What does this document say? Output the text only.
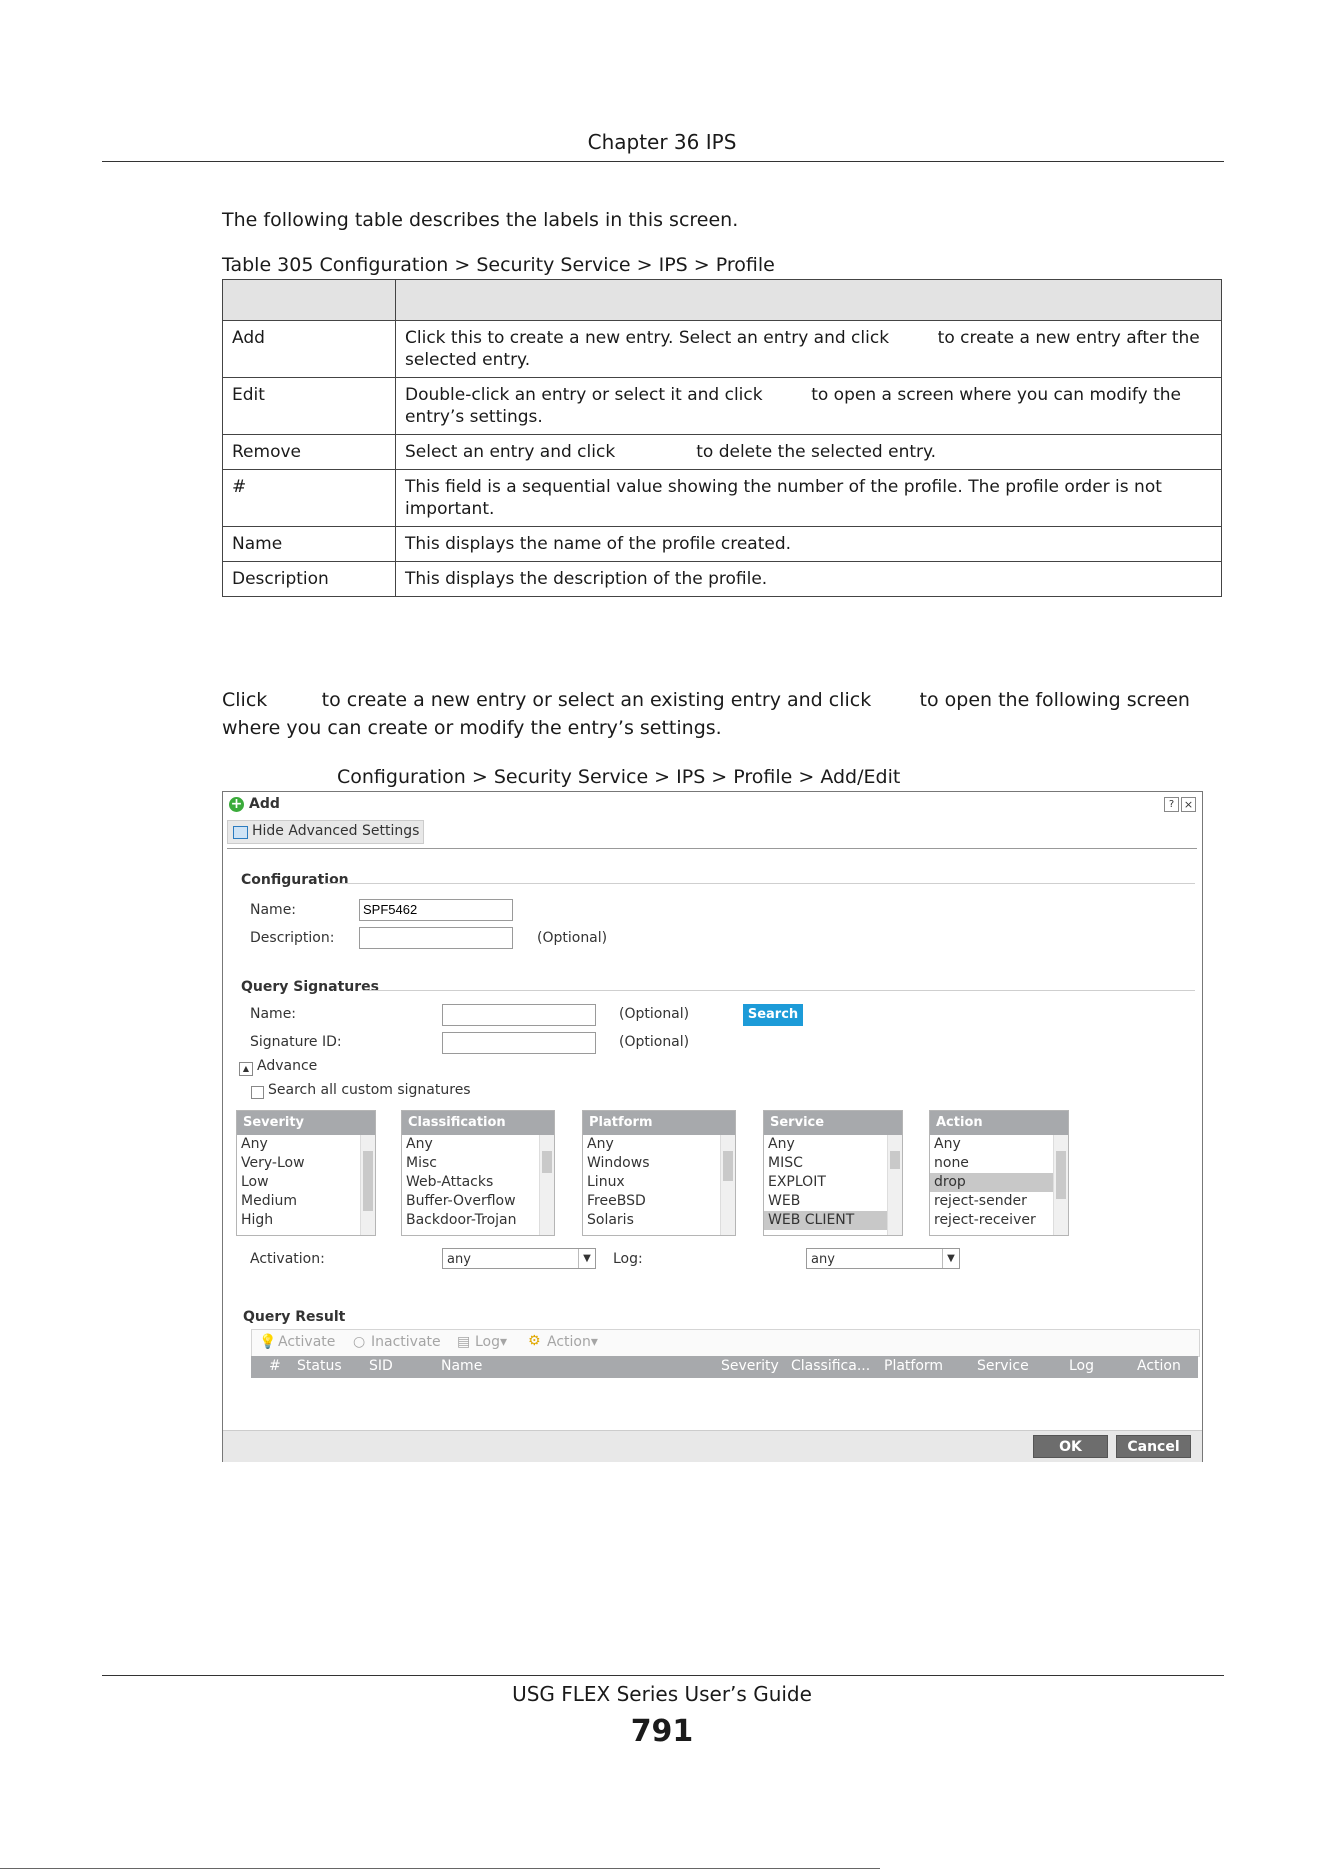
Chapter 36 IPS
The following table describes the labels in this screen.
Table 305 Configuration > Security Service > IPS > Profile

Add	Click this to create a new entry. Select an entry and click         to create a new entry after the selected entry.
Edit	Double-click an entry or select it and click         to open a screen where you can modify the entry’s settings.
Remove	Select an entry and click               to delete the selected entry.
#	This field is a sequential value showing the number of the profile. The profile order is not important.
Name	This displays the name of the profile created.
Description	This displays the description of the profile.
Click         to create a new entry or select an existing entry and click        to open the following screen where you can create or modify the entry’s settings.
Configuration > Security Service > IPS > Profile > Add/Edit
+ Add	? ×
Hide Advanced Settings
Configuration
Name:
SPF5462
Description:	(Optional)
Query Signatures
Name:	(Optional)	Search
Signature ID:	(Optional)
▲ Advance
Search all custom signatures
Severity
Any
Very-Low
Low
Medium
High
Classification
Any
Misc
Web-Attacks
Buffer-Overflow
Backdoor-Trojan
Platform
Any
Windows
Linux
FreeBSD
Solaris
Service
Any
MISC
EXPLOIT
WEB
WEB CLIENT
Action
Any
none
drop
reject-sender
reject-receiver
Activation:	any	▼ Log:	any	▼
Query Result
💡 Activate ○ Inactivate ▤ Log▾ ⚙ Action▾
# Status SID	Name	Severity Classifica... Platform Service	Log	Action
OK	Cancel
USG FLEX Series User’s Guide
791
